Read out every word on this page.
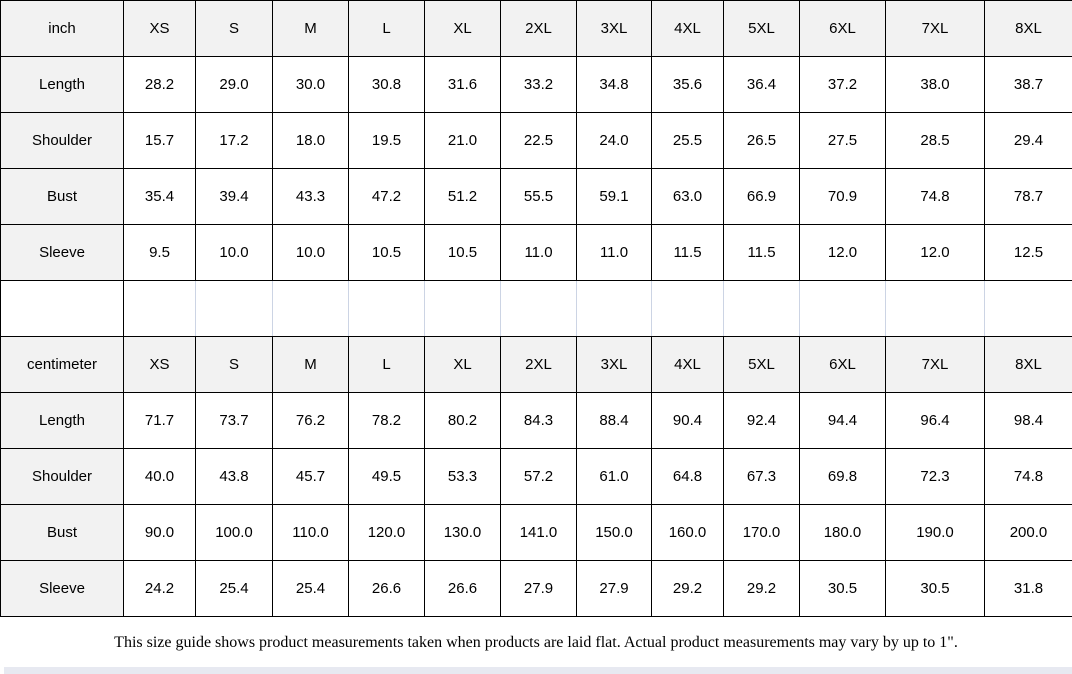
inch	XS	S	M	L	XL	2XL	3XL	4XL	5XL	6XL	7XL	8XL
Length	28.2	29.0	30.0	30.8	31.6	33.2	34.8	35.6	36.4	37.2	38.0	38.7
Shoulder	15.7	17.2	18.0	19.5	21.0	22.5	24.0	25.5	26.5	27.5	28.5	29.4
Bust	35.4	39.4	43.3	47.2	51.2	55.5	59.1	63.0	66.9	70.9	74.8	78.7
Sleeve	9.5	10.0	10.0	10.5	10.5	11.0	11.0	11.5	11.5	12.0	12.0	12.5

centimeter	XS	S	M	L	XL	2XL	3XL	4XL	5XL	6XL	7XL	8XL
Length	71.7	73.7	76.2	78.2	80.2	84.3	88.4	90.4	92.4	94.4	96.4	98.4
Shoulder	40.0	43.8	45.7	49.5	53.3	57.2	61.0	64.8	67.3	69.8	72.3	74.8
Bust	90.0	100.0	110.0	120.0	130.0	141.0	150.0	160.0	170.0	180.0	190.0	200.0
Sleeve	24.2	25.4	25.4	26.6	26.6	27.9	27.9	29.2	29.2	30.5	30.5	31.8

This size guide shows product measurements taken when products are laid flat. Actual product measurements may vary by up to 1".
